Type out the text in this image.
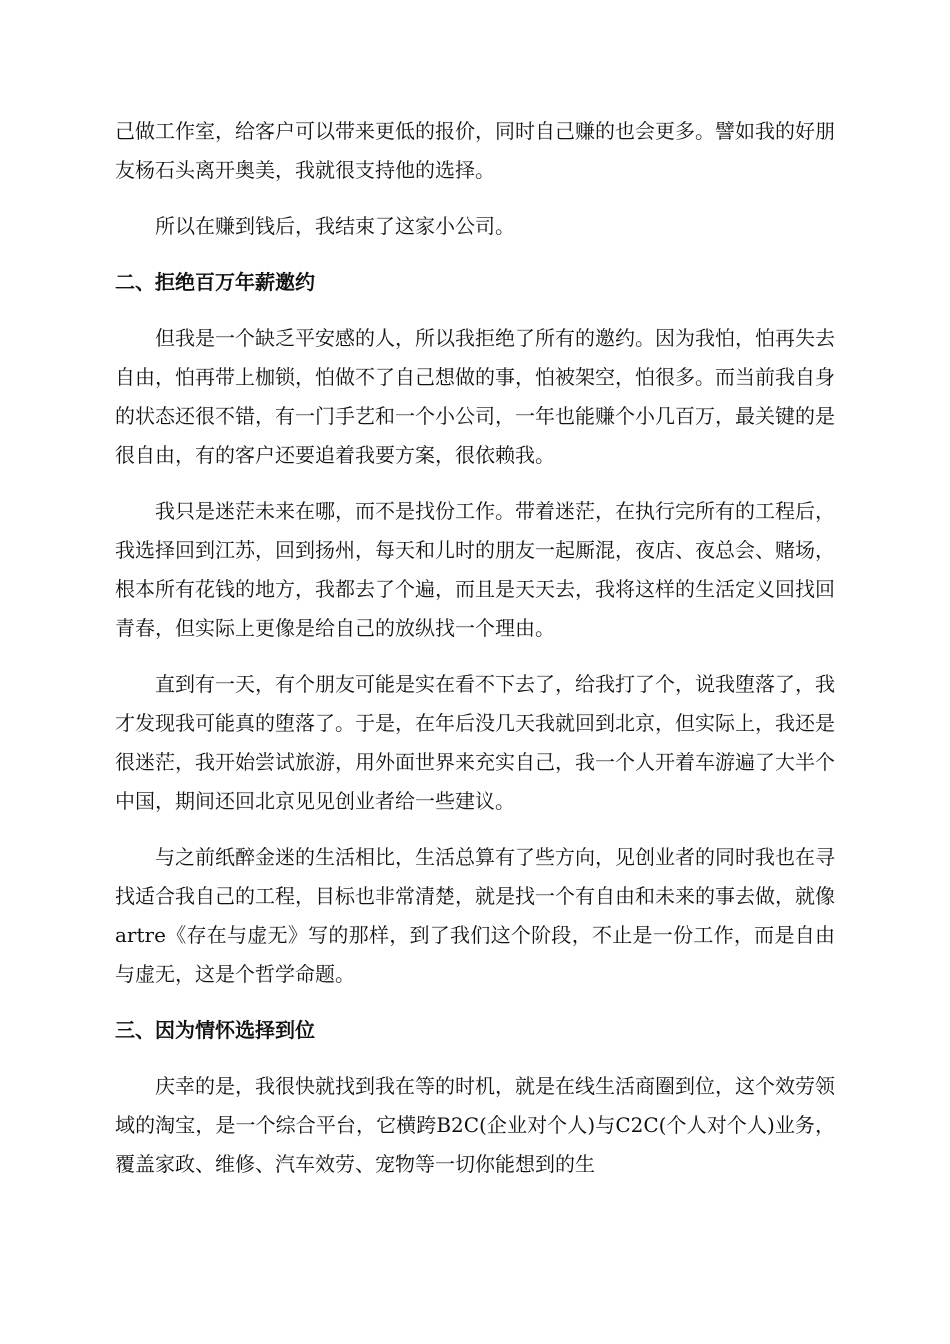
己做工作室，给客户可以带来更低的报价，同时自己赚的也会更多。譬如我的好朋友杨石头离开奥美，我就很支持他的选择。

所以在赚到钱后，我结束了这家小公司。

二、拒绝百万年薪邀约

但我是一个缺乏平安感的人，所以我拒绝了所有的邀约。因为我怕，怕再失去自由，怕再带上枷锁，怕做不了自己想做的事，怕被架空，怕很多。而当前我自身的状态还很不错，有一门手艺和一个小公司，一年也能赚个小几百万，最关键的是很自由，有的客户还要追着我要方案，很依赖我。

我只是迷茫未来在哪，而不是找份工作。带着迷茫，在执行完所有的工程后，我选择回到江苏，回到扬州，每天和儿时的朋友一起厮混，夜店、夜总会、赌场，根本所有花钱的地方，我都去了个遍，而且是天天去，我将这样的生活定义回找回青春，但实际上更像是给自己的放纵找一个理由。

直到有一天，有个朋友可能是实在看不下去了，给我打了个，说我堕落了，我才发现我可能真的堕落了。于是，在年后没几天我就回到北京，但实际上，我还是很迷茫，我开始尝试旅游，用外面世界来充实自己，我一个人开着车游遍了大半个中国，期间还回北京见见创业者给一些建议。

与之前纸醉金迷的生活相比，生活总算有了些方向，见创业者的同时我也在寻找适合我自己的工程，目标也非常清楚，就是找一个有自由和未来的事去做，就像artre《存在与虚无》写的那样，到了我们这个阶段，不止是一份工作，而是自由与虚无，这是个哲学命题。

三、因为情怀选择到位

庆幸的是，我很快就找到我在等的时机，就是在线生活商圈到位，这个效劳领域的淘宝，是一个综合平台，它横跨B2C(企业对个人)与C2C(个人对个人)业务，覆盖家政、维修、汽车效劳、宠物等一切你能想到的生
